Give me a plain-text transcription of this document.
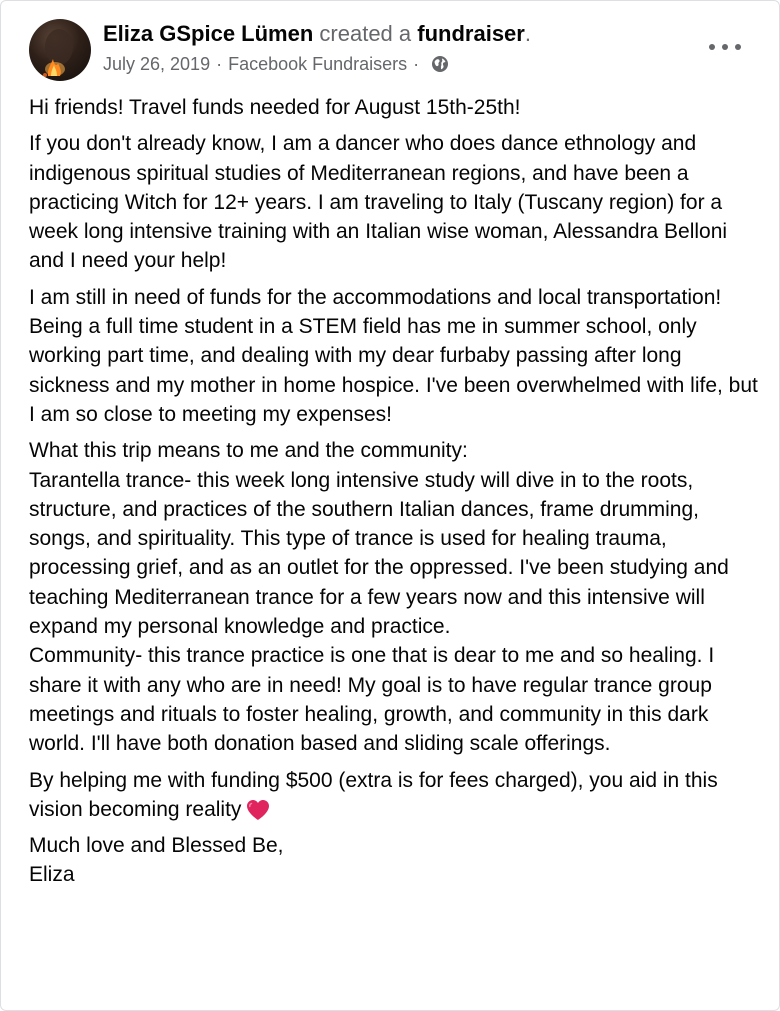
Eliza GSpice Lümen created a fundraiser.
July 26, 2019 · Facebook Fundraisers ·

Hi friends! Travel funds needed for August 15th-25th!

If you don't already know, I am a dancer who does dance ethnology and indigenous spiritual studies of Mediterranean regions, and have been a practicing Witch for 12+ years. I am traveling to Italy (Tuscany region) for a week long intensive training with an Italian wise woman, Alessandra Belloni and I need your help!

I am still in need of funds for the accommodations and local transportation! Being a full time student in a STEM field has me in summer school, only working part time, and dealing with my dear furbaby passing after long sickness and my mother in home hospice. I've been overwhelmed with life, but I am so close to meeting my expenses!

What this trip means to me and the community:
Tarantella trance- this week long intensive study will dive in to the roots, structure, and practices of the southern Italian dances, frame drumming, songs, and spirituality. This type of trance is used for healing trauma, processing grief, and as an outlet for the oppressed. I've been studying and teaching Mediterranean trance for a few years now and this intensive will expand my personal knowledge and practice.
Community- this trance practice is one that is dear to me and so healing. I share it with any who are in need! My goal is to have regular trance group meetings and rituals to foster healing, growth, and community in this dark world. I'll have both donation based and sliding scale offerings.

By helping me with funding $500 (extra is for fees charged), you aid in this vision becoming reality

Much love and Blessed Be,
Eliza
